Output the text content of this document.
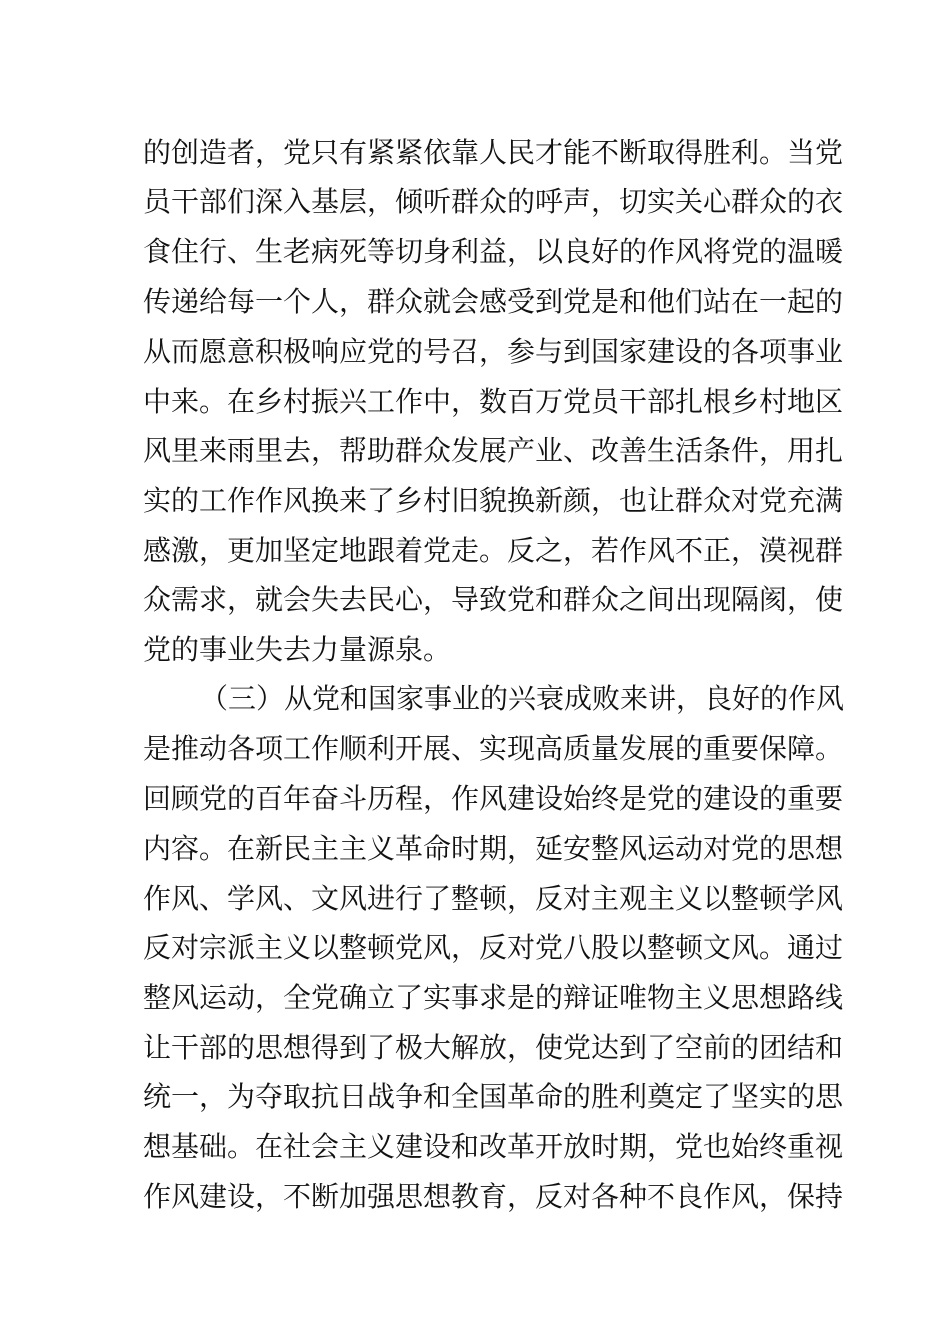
的创造者，党只有紧紧依靠人民才能不断取得胜利。当党
员干部们深入基层，倾听群众的呼声，切实关心群众的衣
食住行、生老病死等切身利益，以良好的作风将党的温暖
传递给每一个人，群众就会感受到党是和他们站在一起的
从而愿意积极响应党的号召，参与到国家建设的各项事业
中来。在乡村振兴工作中，数百万党员干部扎根乡村地区
风里来雨里去，帮助群众发展产业、改善生活条件，用扎
实的工作作风换来了乡村旧貌换新颜，也让群众对党充满
感激，更加坚定地跟着党走。反之，若作风不正，漠视群
众需求，就会失去民心，导致党和群众之间出现隔阂，使
党的事业失去力量源泉。
（三）从党和国家事业的兴衰成败来讲，良好的作风
是推动各项工作顺利开展、实现高质量发展的重要保障。
回顾党的百年奋斗历程，作风建设始终是党的建设的重要
内容。在新民主主义革命时期，延安整风运动对党的思想
作风、学风、文风进行了整顿，反对主观主义以整顿学风
反对宗派主义以整顿党风，反对党八股以整顿文风。通过
整风运动，全党确立了实事求是的辩证唯物主义思想路线
让干部的思想得到了极大解放，使党达到了空前的团结和
统一，为夺取抗日战争和全国革命的胜利奠定了坚实的思
想基础。在社会主义建设和改革开放时期，党也始终重视
作风建设，不断加强思想教育，反对各种不良作风，保持
